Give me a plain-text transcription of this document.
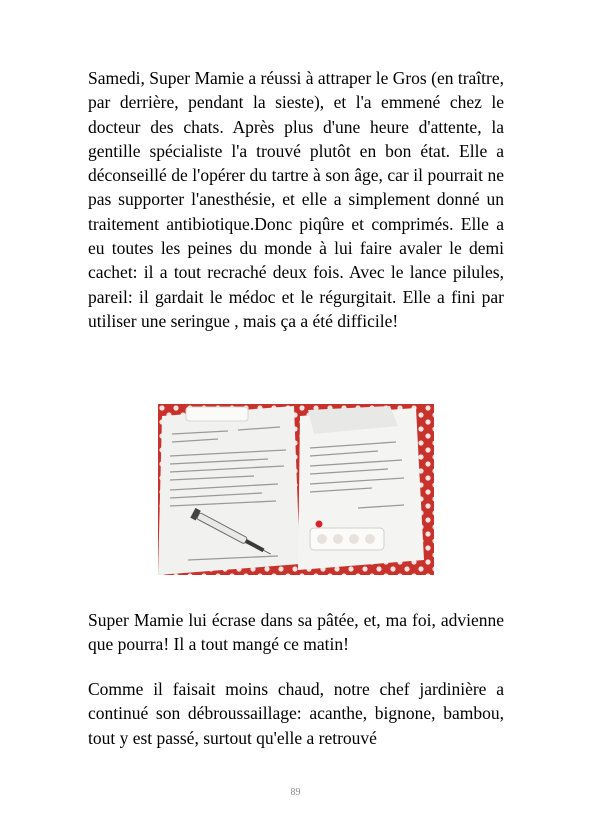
Samedi, Super Mamie a réussi à attraper le Gros (en traître, par derrière, pendant la sieste), et l'a emmené chez le docteur des chats. Après plus d'une heure d'attente, la gentille spécialiste l'a trouvé plutôt en bon état. Elle a déconseillé de l'opérer du tartre à son âge, car il pourrait ne pas supporter l'anesthésie, et elle a simplement donné un traitement antibiotique.Donc piqûre et comprimés. Elle a eu toutes les peines du monde à lui faire avaler le demi cachet: il a tout recraché deux fois. Avec le lance pilules, pareil: il gardait le médoc et le régurgitait. Elle a fini par utiliser une seringue , mais ça a été difficile!

Super Mamie lui écrase dans sa pâtée, et, ma foi, advienne que pourra! Il a tout mangé ce matin!

Comme il faisait moins chaud, notre chef jardinière a continué son débroussaillage: acanthe, bignone, bambou, tout y est passé, surtout qu'elle a retrouvé

89
